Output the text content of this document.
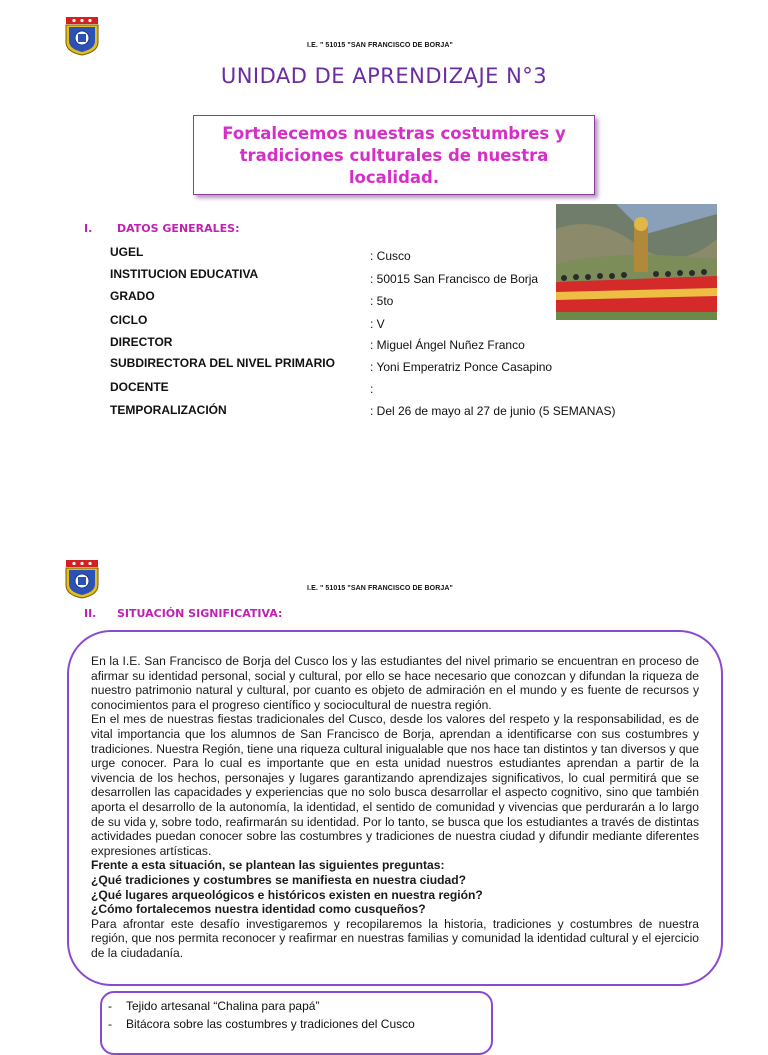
I.E. " 51015 "SAN FRANCISCO DE BORJA"
UNIDAD DE APRENDIZAJE N°3
Fortalecemos nuestras costumbres y
tradiciones culturales de nuestra
localidad.
I. DATOS GENERALES:
UGEL	: Cusco
INSTITUCION EDUCATIVA	: 50015 San Francisco de Borja
GRADO	: 5to
CICLO	: V
DIRECTOR	: Miguel Ángel Nuñez Franco
SUBDIRECTORA DEL NIVEL PRIMARIO	: Yoni Emperatriz Ponce Casapino
DOCENTE	:
TEMPORALIZACIÓN	: Del 26 de mayo al 27 de junio (5 SEMANAS)
I.E. " 51015 "SAN FRANCISCO DE BORJA"
II. SITUACIÓN SIGNIFICATIVA:

En la I.E. San Francisco de Borja del Cusco los y las estudiantes del nivel primario se encuentran en proceso de afirmar su identidad personal, social y cultural, por ello se hace necesario que conozcan y difundan la riqueza de nuestro patrimonio natural y cultural, por cuanto es objeto de admiración en el mundo y es fuente de recursos y conocimientos para el progreso científico y sociocultural de nuestra región.

En el mes de nuestras fiestas tradicionales del Cusco, desde los valores del respeto y la responsabilidad, es de vital importancia que los alumnos de San Francisco de Borja, aprendan a identificarse con sus costumbres y tradiciones. Nuestra Región, tiene una riqueza cultural inigualable que nos hace tan distintos y tan diversos y que urge conocer. Para lo cual es importante que en esta unidad nuestros estudiantes aprendan a partir de la vivencia de los hechos, personajes y lugares garantizando aprendizajes significativos, lo cual permitirá que se desarrollen las capacidades y experiencias que no solo busca desarrollar el aspecto cognitivo, sino que también aporta el desarrollo de la autonomía, la identidad, el sentido de comunidad y vivencias que perdurarán a lo largo de su vida y, sobre todo, reafirmarán su identidad. Por lo tanto, se busca que los estudiantes a través de distintas actividades puedan conocer sobre las costumbres y tradiciones de nuestra ciudad y difundir mediante diferentes expresiones artísticas.

Frente a esta situación, se plantean las siguientes preguntas:
¿Qué tradiciones y costumbres se manifiesta en nuestra ciudad?
¿Qué lugares arqueológicos e históricos existen en nuestra región?
¿Cómo fortalecemos nuestra identidad como cusqueños?

Para afrontar este desafío investigaremos y recopilaremos la historia, tradiciones y costumbres de nuestra región, que nos permita reconocer y reafirmar en nuestras familias y comunidad la identidad cultural y el ejercicio de la ciudadanía.

- Tejido artesanal “Chalina para papá”
- Bitácora sobre las costumbres y tradiciones del Cusco
